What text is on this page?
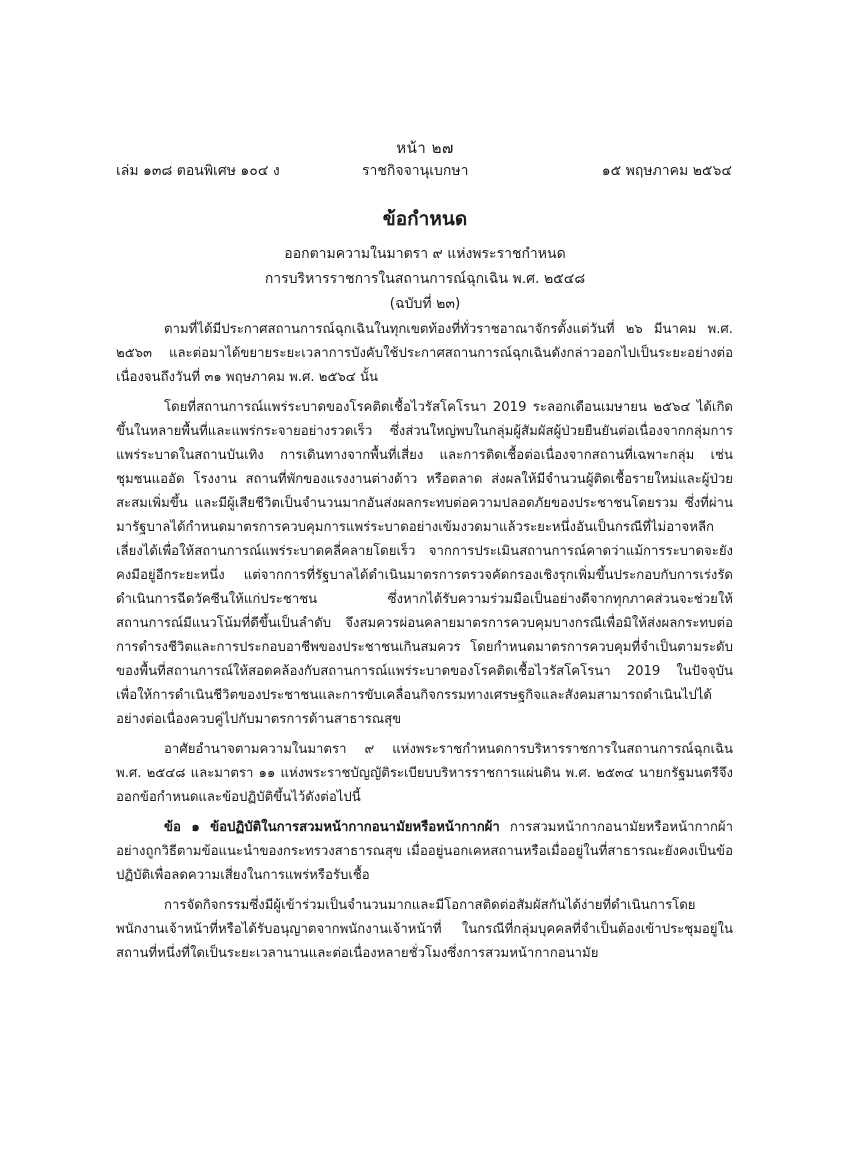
หน้า ๒๗
เล่ม ๑๓๘ ตอนพิเศษ ๑๐๔ ง	ราชกิจจานุเบกษา	๑๕ พฤษภาคม ๒๕๖๔
ข้อกำหนด
ออกตามความในมาตรา ๙ แห่งพระราชกำหนด
การบริหารราชการในสถานการณ์ฉุกเฉิน พ.ศ. ๒๕๔๘
(ฉบับที่ ๒๓)

ตามที่ได้มีประกาศสถานการณ์ฉุกเฉินในทุกเขตท้องที่ทั่วราชอาณาจักรตั้งแต่วันที่ ๒๖ มีนาคม พ.ศ. ๒๕๖๓ และต่อมาได้ขยายระยะเวลาการบังคับใช้ประกาศสถานการณ์ฉุกเฉินดังกล่าวออกไปเป็นระยะอย่างต่อเนื่องจนถึงวันที่ ๓๑ พฤษภาคม พ.ศ. ๒๕๖๔ นั้น

โดยที่สถานการณ์แพร่ระบาดของโรคติดเชื้อไวรัสโคโรนา 2019 ระลอกเดือนเมษายน ๒๕๖๔ ได้เกิดขึ้นในหลายพื้นที่และแพร่กระจายอย่างรวดเร็ว ซึ่งส่วนใหญ่พบในกลุ่มผู้สัมผัสผู้ป่วยยืนยันต่อเนื่องจากกลุ่มการแพร่ระบาดในสถานบันเทิง การเดินทางจากพื้นที่เสี่ยง และการติดเชื้อต่อเนื่องจากสถานที่เฉพาะกลุ่ม เช่น ชุมชนแออัด โรงงาน สถานที่พักของแรงงานต่างด้าว หรือตลาด ส่งผลให้มีจำนวนผู้ติดเชื้อรายใหม่และผู้ป่วยสะสมเพิ่มขึ้น และมีผู้เสียชีวิตเป็นจำนวนมากอันส่งผลกระทบต่อความปลอดภัยของประชาชนโดยรวม ซึ่งที่ผ่านมารัฐบาลได้กำหนดมาตรการควบคุมการแพร่ระบาดอย่างเข้มงวดมาแล้วระยะหนึ่งอันเป็นกรณีที่ไม่อาจหลีกเลี่ยงได้เพื่อให้สถานการณ์แพร่ระบาดคลี่คลายโดยเร็ว จากการประเมินสถานการณ์คาดว่าแม้การระบาดจะยังคงมีอยู่อีกระยะหนึ่ง แต่จากการที่รัฐบาลได้ดำเนินมาตรการตรวจคัดกรองเชิงรุกเพิ่มขึ้นประกอบกับการเร่งรัดดำเนินการฉีดวัคซีนให้แก่ประชาชน ซึ่งหากได้รับความร่วมมือเป็นอย่างดีจากทุกภาคส่วนจะช่วยให้สถานการณ์มีแนวโน้มที่ดีขึ้นเป็นลำดับ จึงสมควรผ่อนคลายมาตรการควบคุมบางกรณีเพื่อมิให้ส่งผลกระทบต่อการดำรงชีวิตและการประกอบอาชีพของประชาชนเกินสมควร โดยกำหนดมาตรการควบคุมที่จำเป็นตามระดับของพื้นที่สถานการณ์ให้สอดคล้องกับสถานการณ์แพร่ระบาดของโรคติดเชื้อไวรัสโคโรนา 2019 ในปัจจุบัน เพื่อให้การดำเนินชีวิตของประชาชนและการขับเคลื่อนกิจกรรมทางเศรษฐกิจและสังคมสามารถดำเนินไปได้อย่างต่อเนื่องควบคู่ไปกับมาตรการด้านสาธารณสุข

อาศัยอำนาจตามความในมาตรา ๙ แห่งพระราชกำหนดการบริหารราชการในสถานการณ์ฉุกเฉิน พ.ศ. ๒๕๔๘ และมาตรา ๑๑ แห่งพระราชบัญญัติระเบียบบริหารราชการแผ่นดิน พ.ศ. ๒๕๓๔ นายกรัฐมนตรีจึงออกข้อกำหนดและข้อปฏิบัติขึ้นไว้ดังต่อไปนี้

ข้อ ๑ ข้อปฏิบัติในการสวมหน้ากากอนามัยหรือหน้ากากผ้า การสวมหน้ากากอนามัยหรือหน้ากากผ้าอย่างถูกวิธีตามข้อแนะนำของกระทรวงสาธารณสุข เมื่ออยู่นอกเคหสถานหรือเมื่ออยู่ในที่สาธารณะยังคงเป็นข้อปฏิบัติเพื่อลดความเสี่ยงในการแพร่หรือรับเชื้อ

การจัดกิจกรรมซึ่งมีผู้เข้าร่วมเป็นจำนวนมากและมีโอกาสติดต่อสัมผัสกันได้ง่ายที่ดำเนินการโดยพนักงานเจ้าหน้าที่หรือได้รับอนุญาตจากพนักงานเจ้าหน้าที่ ในกรณีที่กลุ่มบุคคลที่จำเป็นต้องเข้าประชุมอยู่ในสถานที่หนึ่งที่ใดเป็นระยะเวลานานและต่อเนื่องหลายชั่วโมงซึ่งการสวมหน้ากากอนามัย
